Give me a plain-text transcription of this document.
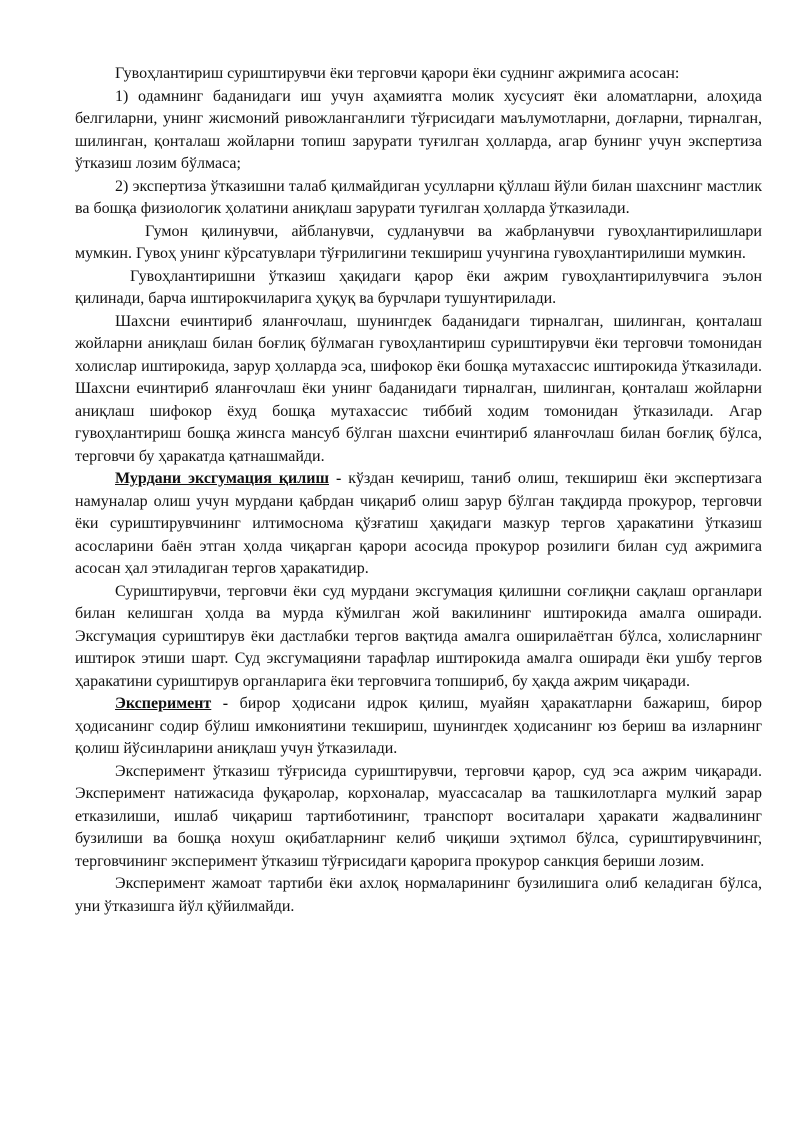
Гувоҳлантириш суриштирувчи ёки терговчи қарори ёки суднинг ажримига асосан:

1) одамнинг баданидаги иш учун аҳамиятга молик хусусият ёки аломатларни, алоҳида белгиларни, унинг жисмоний ривожланганлиги тўғрисидаги маълумотларни, доғларни, тирналган, шилинган, қонталаш жойларни топиш зарурати туғилган ҳолларда, агар бунинг учун экспертиза ўтказиш лозим бўлмаса;

2) экспертиза ўтказишни талаб қилмайдиган усулларни қўллаш йўли билан шахснинг мастлик ва бошқа физиологик ҳолатини аниқлаш зарурати туғилган ҳолларда ўтказилади.

Гумон қилинувчи, айбланувчи, судланувчи ва жабрланувчи гувоҳлантирилишлари мумкин. Гувоҳ унинг кўрсатувлари тўғрилигини текшириш учунгина гувоҳлантирилиши мумкин.

Гувоҳлантиришни ўтказиш ҳақидаги қарор ёки ажрим гувоҳлантирилувчига эълон қилинади, барча иштирокчиларига ҳуқуқ ва бурчлари тушунтирилади.

Шахсни ечинтириб яланғочлаш, шунингдек баданидаги тирналган, шилинган, қонталаш жойларни аниқлаш билан боғлиқ бўлмаган гувоҳлантириш суриштирувчи ёки терговчи томонидан холислар иштирокида, зарур ҳолларда эса, шифокор ёки бошқа мутахассис иштирокида ўтказилади. Шахсни ечинтириб яланғочлаш ёки унинг баданидаги тирналган, шилинган, қонталаш жойларни аниқлаш шифокор ёхуд бошқа мутахассис тиббий ходим томонидан ўтказилади. Агар гувоҳлантириш бошқа жинсга мансуб бўлган шахсни ечинтириб яланғочлаш билан боғлиқ бўлса, терговчи бу ҳаракатда қатнашмайди.

Мурдани эксгумация қилиш - кўздан кечириш, таниб олиш, текшириш ёки экспертизага намуналар олиш учун мурдани қабрдан чиқариб олиш зарур бўлган тақдирда прокурор, терговчи ёки суриштирувчининг илтимосномa қўзғатиш ҳақидаги мазкур тергов ҳаракатини ўтказиш асосларини баён этган ҳолда чиқарган қарори асосида прокурор розилиги билан суд ажримига асосан ҳал этиладиган тергов ҳаракатидир.

Суриштирувчи, терговчи ёки суд мурдани эксгумация қилишни соғлиқни сақлаш органлари билан келишган ҳолда ва мурда кўмилган жой вакилининг иштирокида амалга оширади. Эксгумация суриштирув ёки дастлабки тергов вақтида амалга оширилаётган бўлса, холисларнинг иштирок этиши шарт. Суд эксгумацияни тарафлар иштирокида амалга оширади ёки ушбу тергов ҳаракатини суриштирув органларига ёки терговчига топшириб, бу ҳақда ажрим чиқаради.

Эксперимент - бирор ҳодисани идрок қилиш, муайян ҳаракатларни бажариш, бирор ҳодисанинг содир бўлиш имкониятини текшириш, шунингдек ҳодисанинг юз бериш ва изларнинг қолиш йўсинларини аниқлаш учун ўтказилади.

Эксперимент ўтказиш тўғрисида суриштирувчи, терговчи қарор, суд эса ажрим чиқаради. Эксперимент натижасида фуқаролар, корхоналар, муассасалар ва ташкилотларга мулкий зарар етказилиши, ишлаб чиқариш тартиботининг, транспорт воситалари ҳаракати жадвалининг бузилиши ва бошқа нохуш оқибатларнинг келиб чиқиши эҳтимол бўлса, суриштирувчининг, терговчининг эксперимент ўтказиш тўғрисидаги қарорига прокурор санкция бериши лозим.

Эксперимент жамоат тартиби ёки ахлоқ нормаларининг бузилишига олиб келадиган бўлса, уни ўтказишга йўл қўйилмайди.
